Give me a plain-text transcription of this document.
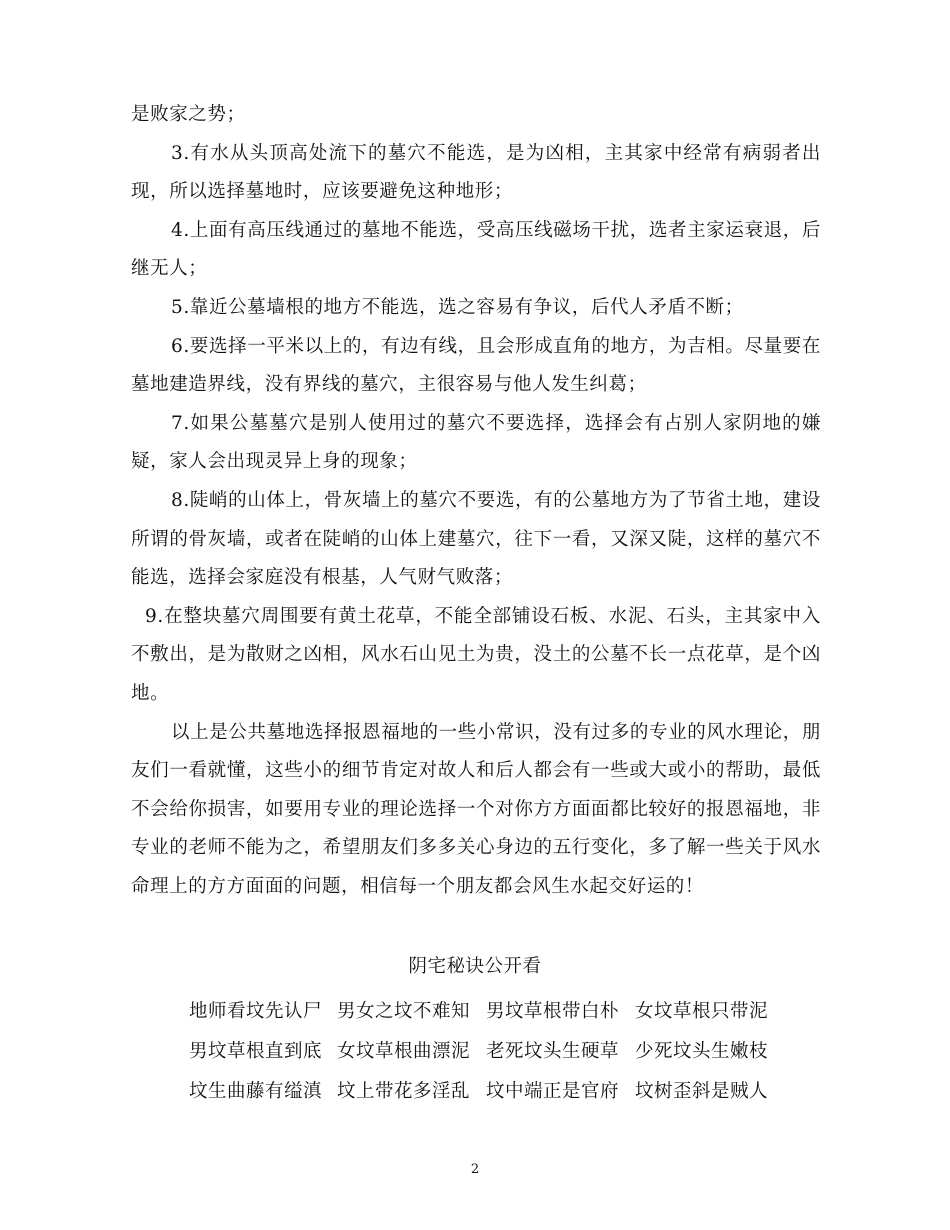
是败家之势；

3.有水从头顶高处流下的墓穴不能选，是为凶相，主其家中经常有病弱者出现，所以选择墓地时，应该要避免这种地形；

4.上面有高压线通过的墓地不能选，受高压线磁场干扰，选者主家运衰退，后继无人；

5.靠近公墓墙根的地方不能选，选之容易有争议，后代人矛盾不断；

6.要选择一平米以上的，有边有线，且会形成直角的地方，为吉相。尽量要在墓地建造界线，没有界线的墓穴，主很容易与他人发生纠葛；

7.如果公墓墓穴是别人使用过的墓穴不要选择，选择会有占别人家阴地的嫌疑，家人会出现灵异上身的现象；

8.陡峭的山体上，骨灰墙上的墓穴不要选，有的公墓地方为了节省土地，建设所谓的骨灰墙，或者在陡峭的山体上建墓穴，往下一看，又深又陡，这样的墓穴不能选，选择会家庭没有根基，人气财气败落；

9.在整块墓穴周围要有黄土花草，不能全部铺设石板、水泥、石头，主其家中入不敷出，是为散财之凶相，风水石山见土为贵，没土的公墓不长一点花草，是个凶地。

以上是公共墓地选择报恩福地的一些小常识，没有过多的专业的风水理论，朋友们一看就懂，这些小的细节肯定对故人和后人都会有一些或大或小的帮助，最低不会给你损害，如要用专业的理论选择一个对你方方面面都比较好的报恩福地，非专业的老师不能为之，希望朋友们多多关心身边的五行变化，多了解一些关于风水命理上的方方面面的问题，相信每一个朋友都会风生水起交好运的！

阴宅秘诀公开看
地师看坟先认尸 男女之坟不难知 男坟草根带白朴 女坟草根只带泥
男坟草根直到底 女坟草根曲漂泥 老死坟头生硬草 少死坟头生嫩枝
坟生曲藤有缢滇 坟上带花多淫乱 坟中端正是官府 坟树歪斜是贼人
2
